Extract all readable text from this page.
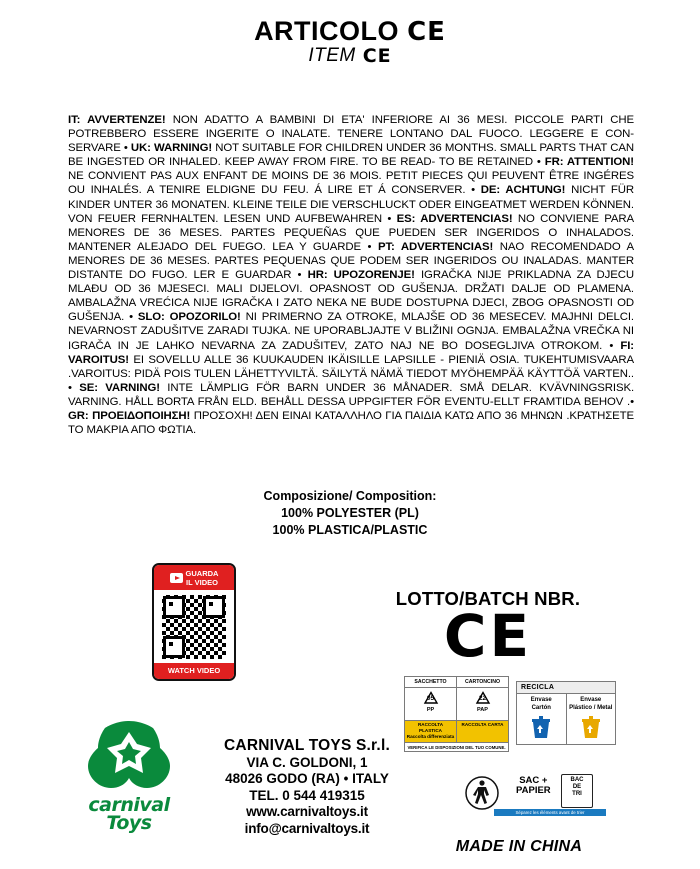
ARTICOLO C E
ITEM C E
IT: AVVERTENZE! NON ADATTO A BAMBINI DI ETA' INFERIORE AI 36 MESI. PICCOLE PARTI CHE POTREBBERO ESSERE INGERITE O INALATE. TENERE LONTANO DAL FUOCO. LEGGERE E CON-SERVARE • UK: WARNING! NOT SUITABLE FOR CHILDREN UNDER 36 MONTHS. SMALL PARTS THAT CAN BE INGESTED OR INHALED. KEEP AWAY FROM FIRE. TO BE READ- TO BE RETAINED • FR: ATTENTION! NE CONVIENT PAS AUX ENFANT DE MOINS DE 36 MOIS. PETIT PIECES QUI PEUVENT ÊTRE INGÉRES OU INHALÉS. A TENIRE ELDIGNE DU FEU. Á LIRE ET Á CONSERVER. • DE: ACHTUNG! NICHT FÜR KINDER UNTER 36 MONATEN. KLEINE TEILE DIE VERSCHLUCKT ODER EINGEATMET WERDEN KÖNNEN. VON FEUER FERNHALTEN. LESEN UND AUFBEWAHREN • ES: ADVERTENCIAS! NO CONVIENE PARA MENORES DE 36 MESES. PARTES PEQUEÑAS QUE PUEDEN SER INGERIDOS O INHALADOS. MANTENER ALEJADO DEL FUEGO. LEA Y GUARDE • PT: ADVERTENCIAS! NAO RECOMENDADO A MENORES DE 36 MESES. PARTES PEQUENAS QUE PODEM SER INGERIDOS OU INALADAS. MANTER DISTANTE DO FUGO. LER E GUARDAR • HR: UPOZORENJE! IGRAČKA NIJE PRIKLADNA ZA DJECU MLAĐU OD 36 MJESECI. MALI DIJELOVI. OPASNOST OD GUŠENJA. DRŽATI DALJE OD PLAMENA. AMBALAŽNA VREĆICA NIJE IGRAČKA I ZATO NEKA NE BUDE DOSTUPNA DJECI, ZBOG OPASNOSTI OD GUŠENJA. • SLO: OPOZORILO! NI PRIMERNO ZA OTROKE, MLAJŠE OD 36 MESECEV. MAJHNI DELCI. NEVARNOST ZADUŠITVE ZARADI TUJKA. NE UPORABLJAJTE V BLIŽINI OGNJA. EMBALAŽNA VREČKA NI IGRAČA IN JE LAHKO NEVARNA ZA ZADUŠITEV, ZATO NAJ NE BO DOSEGLJIVA OTROKOM. • FI: VAROITUS! EI SOVELLU ALLE 36 KUUKAUDEN IKÄISILLE LAPSILLE - PIENIÄ OSIA. TUKEHTUMISVAARA .VAROITUS: PIDÄ POIS TULEN LÄHETTYVILTÄ. SÄILYTÄ NÄMÄ TIEDOT MYÖHEMPÄÄ KÄYTTÖÄ VARTEN.. • SE: VARNING! INTE LÄMPLIG FÖR BARN UNDER 36 MÅNADER. SMÅ DELAR. KVÄVNINGSRISK. VARNING. HÅLL BORTA FRÅN ELD. BEHÅLL DESSA UPPGIFTER FÖR EVENTU-ELLT FRAMTIDA BEHOV .• GR: ΠΡΟΕΙΔΟΠΟΙΗΣΗ! ΠΡΟΣΟΧΗ! ΔΕΝ ΕΙΝΑΙ ΚΑΤΑΛΛΗΛΟ ΓΙΑ ΠΑΙΔΙΑ ΚΑΤΩ ΑΠΟ 36 ΜΗΝΩΝ .ΚΡΑΤΗΣΕΤΕ ΤΟ ΜΑΚΡΙΑ ΑΠΟ ΦΩΤΙΑ.
Composizione/ Composition:
100% POLYESTER (PL)
100% PLASTICA/PLASTIC
GUARDA
IL VIDEO
WATCH VIDEO
LOTTO/BATCH NBR.
C E
carnival
Toys
CARNIVAL TOYS S.r.l.
VIA C. GOLDONI, 1
48026 GODO (RA) • ITALY
TEL. 0 544 419315
www.carnivaltoys.it
info@carnivaltoys.it
SACCHETTO	CARTONCINO
05
PP
22
PAP
RACCOLTA PLASTICA
Raccolta differenziata
RACCOLTA CARTA
VERIFICA LE DISPOSIZIONI DEL TUO COMUNE.
RECICLA
Envase
Cartón
Envase
Plástico / Metal
SAC +
PAPIER
BAC
DE
TRI
Séparez les éléments avant de trier
MADE IN CHINA
